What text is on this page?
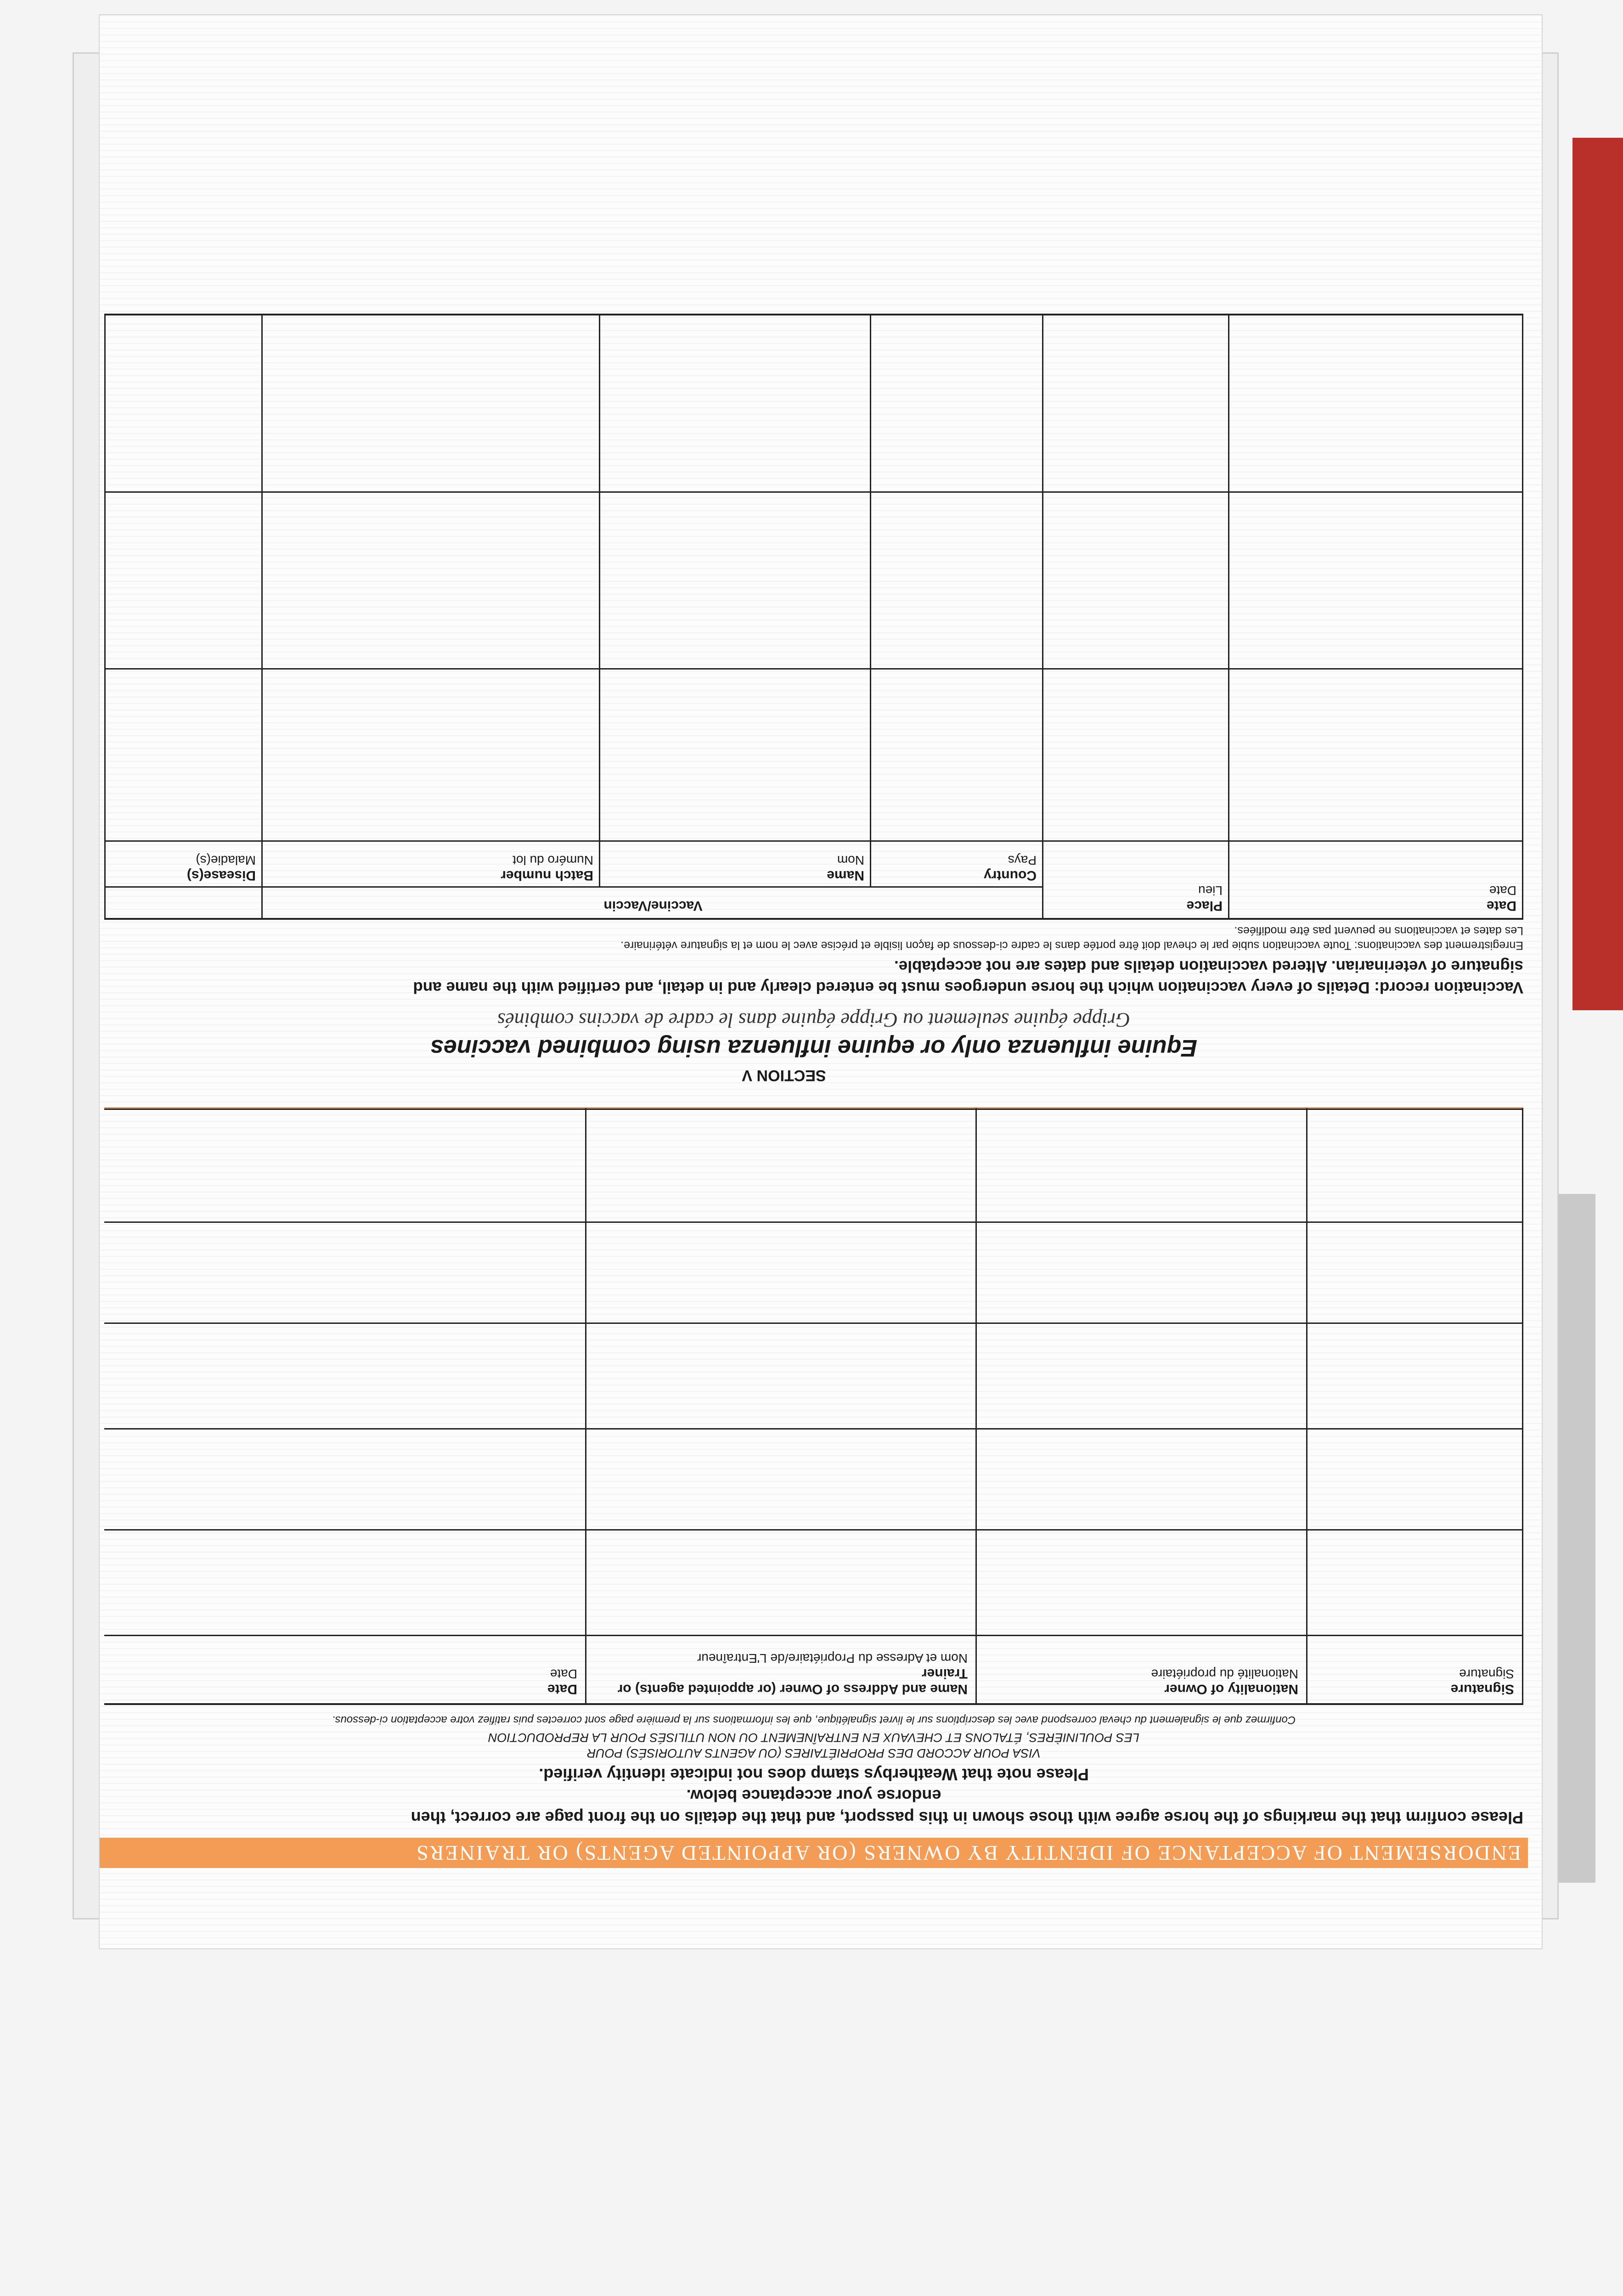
ENDORSEMENT OF ACCEPTANCE OF IDENTITY BY OWNERS (OR APPOINTED AGENTS) OR TRAINERS
Please confirm that the markings of the horse agree with those shown in this passport, and that the details on the front page are correct, then
endorse your acceptance below.
Please note that Weatherbys stamp does not indicate identity verified.
VISA POUR ACCORD DES PROPRIÉTAIRES (OU AGENTS AUTORISÉS) POUR
LES POULINIÈRES, ÉTALONS ET CHEVAUX EN ENTRAÎNEMENT OU NON UTILISÉS POUR LA REPRODUCTION
Confirmez que le signalement du cheval correspond avec les descriptions sur le livret signalétique, que les informations sur la première page sont correctes puis ratifiez votre acceptation ci-dessous.
Signature
Signature
Nationality of Owner
Nationalité du propriétaire
Name and Address of Owner (or appointed agents) or Trainer
Nom et Adresse du Propriétaire/de L'Entraîneur
Date
Date
SECTION V
Equine influenza only or equine influenza using combined vaccines
Grippe équine seulement ou Grippe équine dans le cadre de vaccins combinés
Vaccination record: Details of every vaccination which the horse undergoes must be entered clearly and in detail, and certified with the name and
signature of veterinarian. Altered vaccination details and dates are not acceptable.
Enregistrement des vaccinations: Toute vaccination subie par le cheval doit être portée dans le cadre ci-dessous de façon lisible et précise avec le nom et la signature vétérinaire.
Les dates et vaccinations ne peuvent pas être modifiées.
Date
Date
Place
Lieu
Country
Pays
Vaccine/Vaccin
Name
Nom
Batch number
Numéro du lot
Disease(s)
Maladie(s)
